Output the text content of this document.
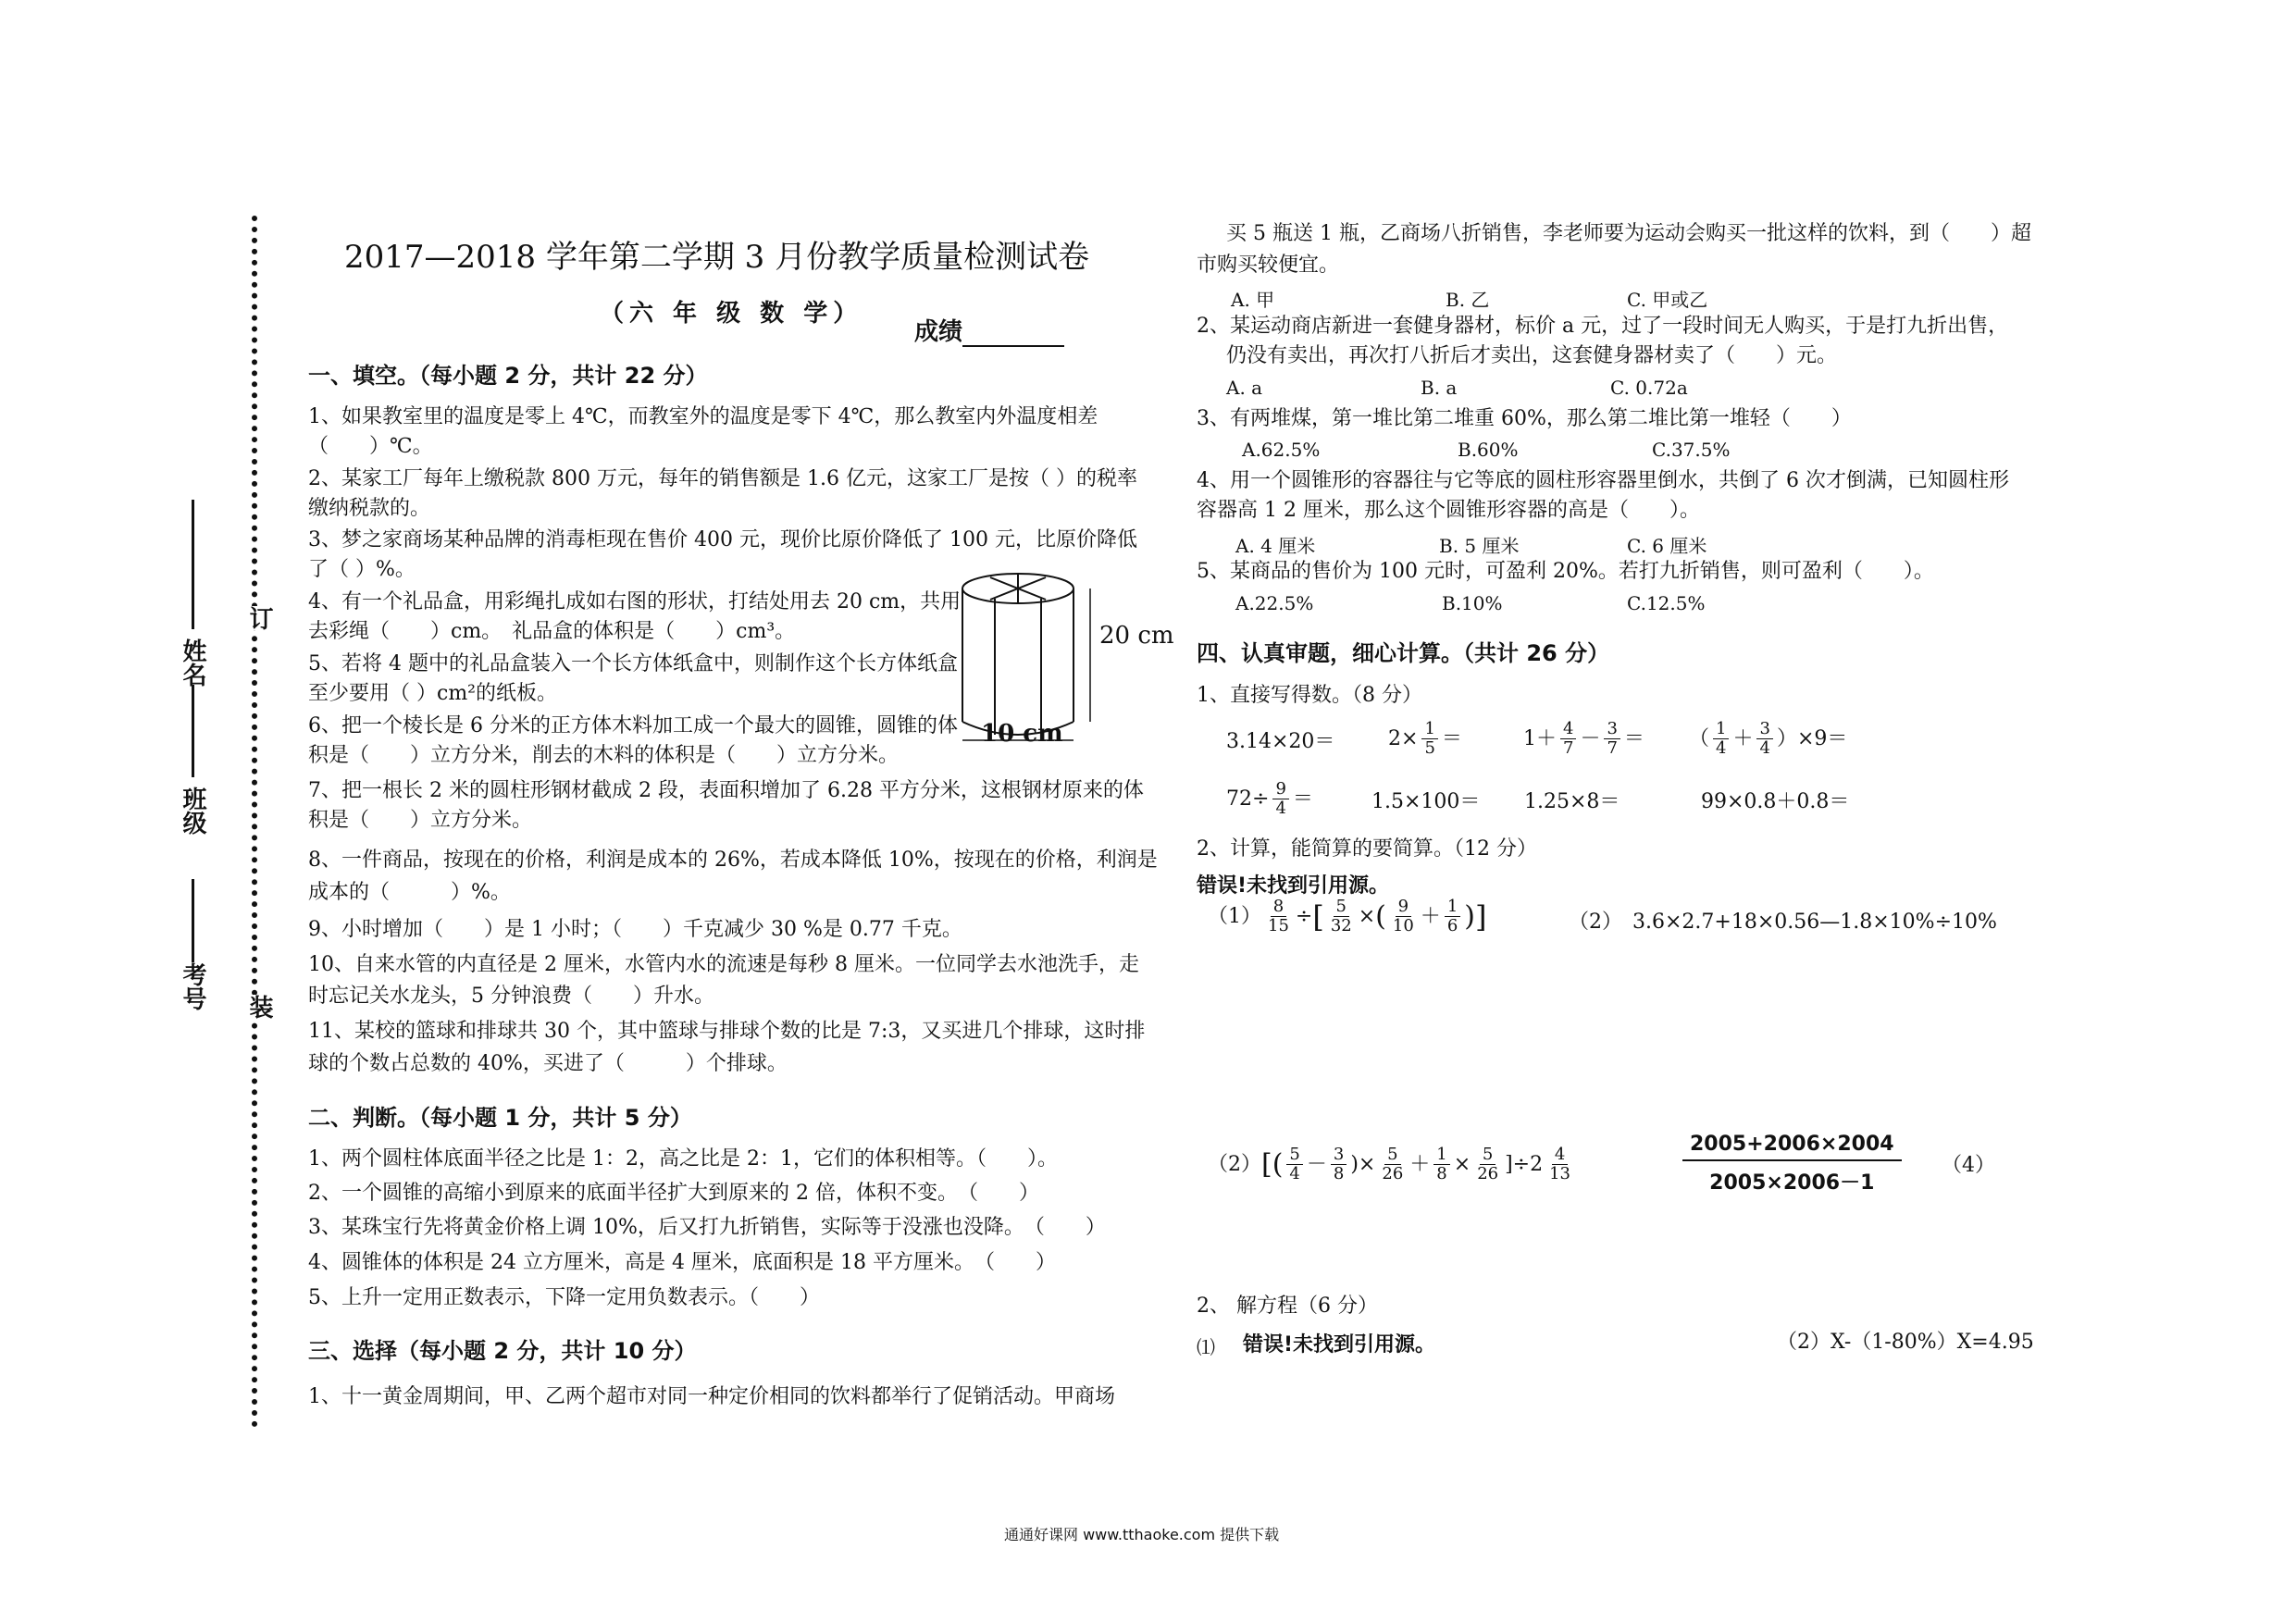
考号
班级
姓名
订
装
2017—2018 学年第二学期 3 月份教学质量检测试卷
（六 年 级 数 学）
成绩
一、填空。（每小题 2 分，共计 22 分）
1、如果教室里的温度是零上 4℃，而教室外的温度是零下 4℃，那么教室内外温度相差
（　　）℃。
2、某家工厂每年上缴税款 800 万元，每年的销售额是 1.6 亿元，这家工厂是按（ ）的税率
缴纳税款的。
3、梦之家商场某种品牌的消毒柜现在售价 400 元，现价比原价降低了 100 元，比原价降低
了（ ）%。
4、有一个礼品盒，用彩绳扎成如右图的形状，打结处用去 20 cm，共用
去彩绳（　　）cm。　礼品盒的体积是（　　）cm³。
5、若将 4 题中的礼品盒装入一个长方体纸盒中，则制作这个长方体纸盒
至少要用（ ）cm²的纸板。
6、把一个棱长是 6 分米的正方体木料加工成一个最大的圆锥，圆锥的体
积是（　　）立方分米，削去的木料的体积是（　　）立方分米。
7、把一根长 2 米的圆柱形钢材截成 2 段，表面积增加了 6.28 平方分米，这根钢材原来的体
积是（　　）立方分米。
8、一件商品，按现在的价格，利润是成本的 26%，若成本降低 10%，按现在的价格，利润是
成本的（　　　）%。
9、小时增加（　　）是 1 小时；（　　）千克减少 30 %是 0.77 千克。
10、自来水管的内直径是 2 厘米，水管内水的流速是每秒 8 厘米。一位同学去水池洗手，走
时忘记关水龙头，5 分钟浪费（　　）升水。
11、某校的篮球和排球共 30 个，其中篮球与排球个数的比是 7:3，又买进几个排球，这时排
球的个数占总数的 40%，买进了（　　　）个排球。
20 cm
10 cm
二、判断。（每小题 1 分，共计 5 分）
1、两个圆柱体底面半径之比是 1：2，高之比是 2：1，它们的体积相等。（　　）。
2、一个圆锥的高缩小到原来的底面半径扩大到原来的 2 倍，体积不变。　（　　）
3、某珠宝行先将黄金价格上调 10%，后又打九折销售，实际等于没涨也没降。　（　　）
4、圆锥体的体积是 24 立方厘米，高是 4 厘米，底面积是 18 平方厘米。　（　　）
5、上升一定用正数表示，下降一定用负数表示。（　　）
三、选择（每小题 2 分，共计 10 分）
1、十一黄金周期间，甲、乙两个超市对同一种定价相同的饮料都举行了促销活动。甲商场
买 5 瓶送 1 瓶，乙商场八折销售，李老师要为运动会购买一批这样的饮料，到（　　）超
市购买较便宜。
A. 甲	B. 乙	C. 甲或乙
2、某运动商店新进一套健身器材，标价 a 元，过了一段时间无人购买，于是打九折出售，
仍没有卖出，再次打八折后才卖出，这套健身器材卖了（　　）元。
A. a	B. a	C. 0.72a
3、有两堆煤，第一堆比第二堆重 60%，那么第二堆比第一堆轻（　　）
A.62.5%	B.60%	C.37.5%
4、用一个圆锥形的容器往与它等底的圆柱形容器里倒水，共倒了 6 次才倒满，已知圆柱形
容器高 1 2 厘米，那么这个圆锥形容器的高是（　　）。
A. 4 厘米	B. 5 厘米	C. 6 厘米
5、某商品的售价为 100 元时，可盈利 20%。若打九折销售，则可盈利（　　）。
A.22.5%	B.10%	C.12.5%
四、认真审题，细心计算。（共计 26 分）
1、直接写得数。（8 分）
3.14×20＝	$2\times \frac{1}{5}$ ＝	$1+ \frac{4}{7} - \frac{3}{7}$ ＝ （ $\frac{1}{4} + \frac{3}{4} )\times 9=$
$72\div \frac{9}{4}$ ＝	1.5×100＝ 1.25×8＝	99×0.8＋0.8＝
2、计算，能简算的要简算。（12 分）
错误!未找到引用源。
$(1) \frac{8}{15}$ ÷ [ $\frac{5}{32}$ × ( $\frac{9}{10} + \frac{1}{6}$ ) ]	（2）　3.6×2.7+18×0.56—1.8×10%÷10%
（2） [( $\frac{5}{4} - \frac{3}{8}$ )× $\frac{5}{26} + \frac{1}{8} \times \frac{5}{26} ]\div 2 \frac{4}{13}$	$\frac{2005+2006\times 2004}{2005\times 2006-1} (4)$
2、 解方程（6 分）
⑴ 错误!未找到引用源。	（2）X-（1-80%）X=4.95
通通好课网 www.tthaoke.com 提供下载
